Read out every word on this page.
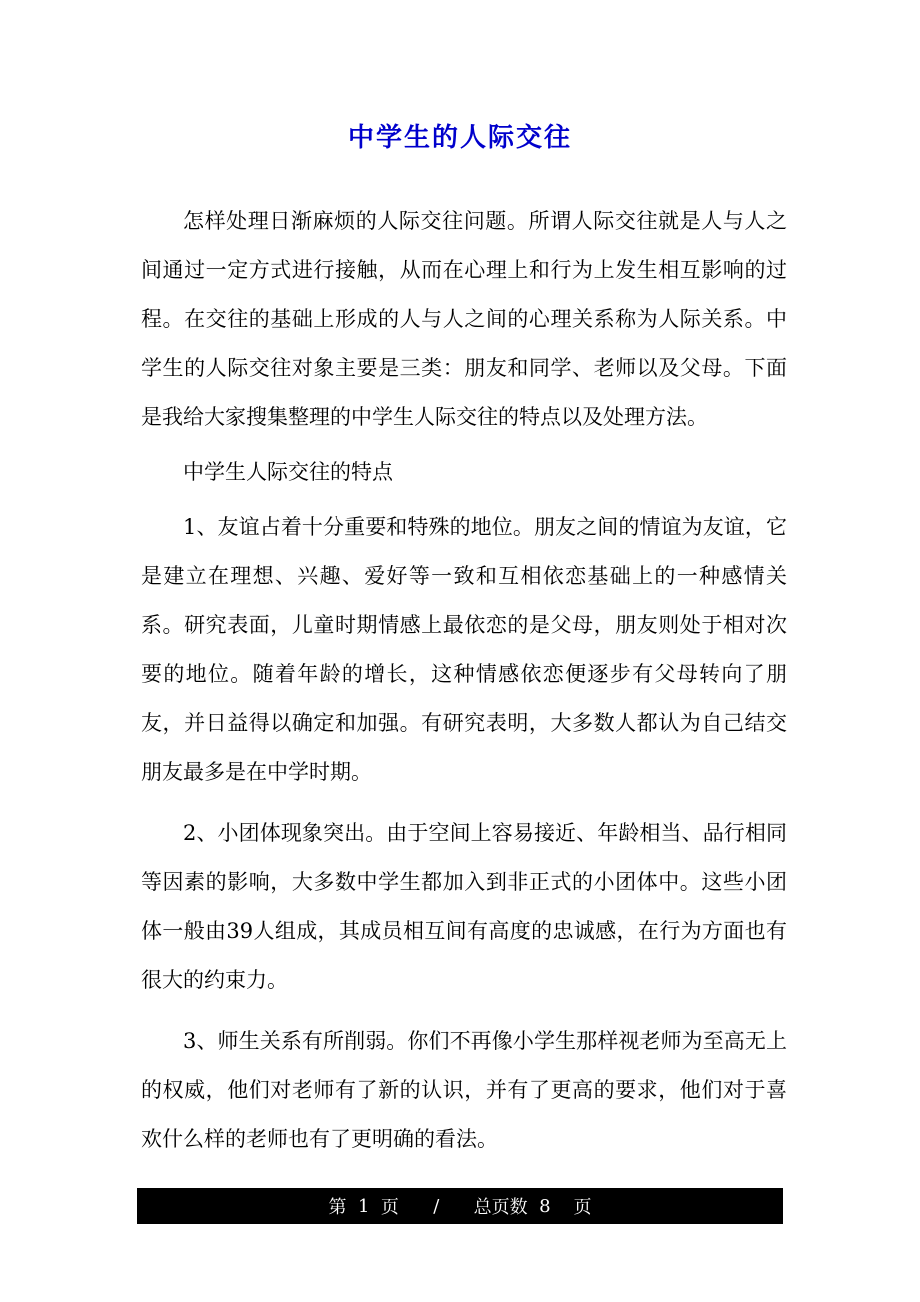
中学生的人际交往

怎样处理日渐麻烦的人际交往问题。所谓人际交往就是人与人之间通过一定方式进行接触，从而在心理上和行为上发生相互影响的过程。在交往的基础上形成的人与人之间的心理关系称为人际关系。中学生的人际交往对象主要是三类：朋友和同学、老师以及父母。下面是我给大家搜集整理的中学生人际交往的特点以及处理方法。

中学生人际交往的特点

1、友谊占着十分重要和特殊的地位。朋友之间的情谊为友谊，它是建立在理想、兴趣、爱好等一致和互相依恋基础上的一种感情关系。研究表面，儿童时期情感上最依恋的是父母，朋友则处于相对次要的地位。随着年龄的增长，这种情感依恋便逐步有父母转向了朋友，并日益得以确定和加强。有研究表明，大多数人都认为自己结交朋友最多是在中学时期。

2、小团体现象突出。由于空间上容易接近、年龄相当、品行相同等因素的影响，大多数中学生都加入到非正式的小团体中。这些小团体一般由39人组成，其成员相互间有高度的忠诚感，在行为方面也有很大的约束力。

3、师生关系有所削弱。你们不再像小学生那样视老师为至高无上的权威，他们对老师有了新的认识，并有了更高的要求，他们对于喜欢什么样的老师也有了更明确的看法。

第
1
页
/
总页数
8
页
